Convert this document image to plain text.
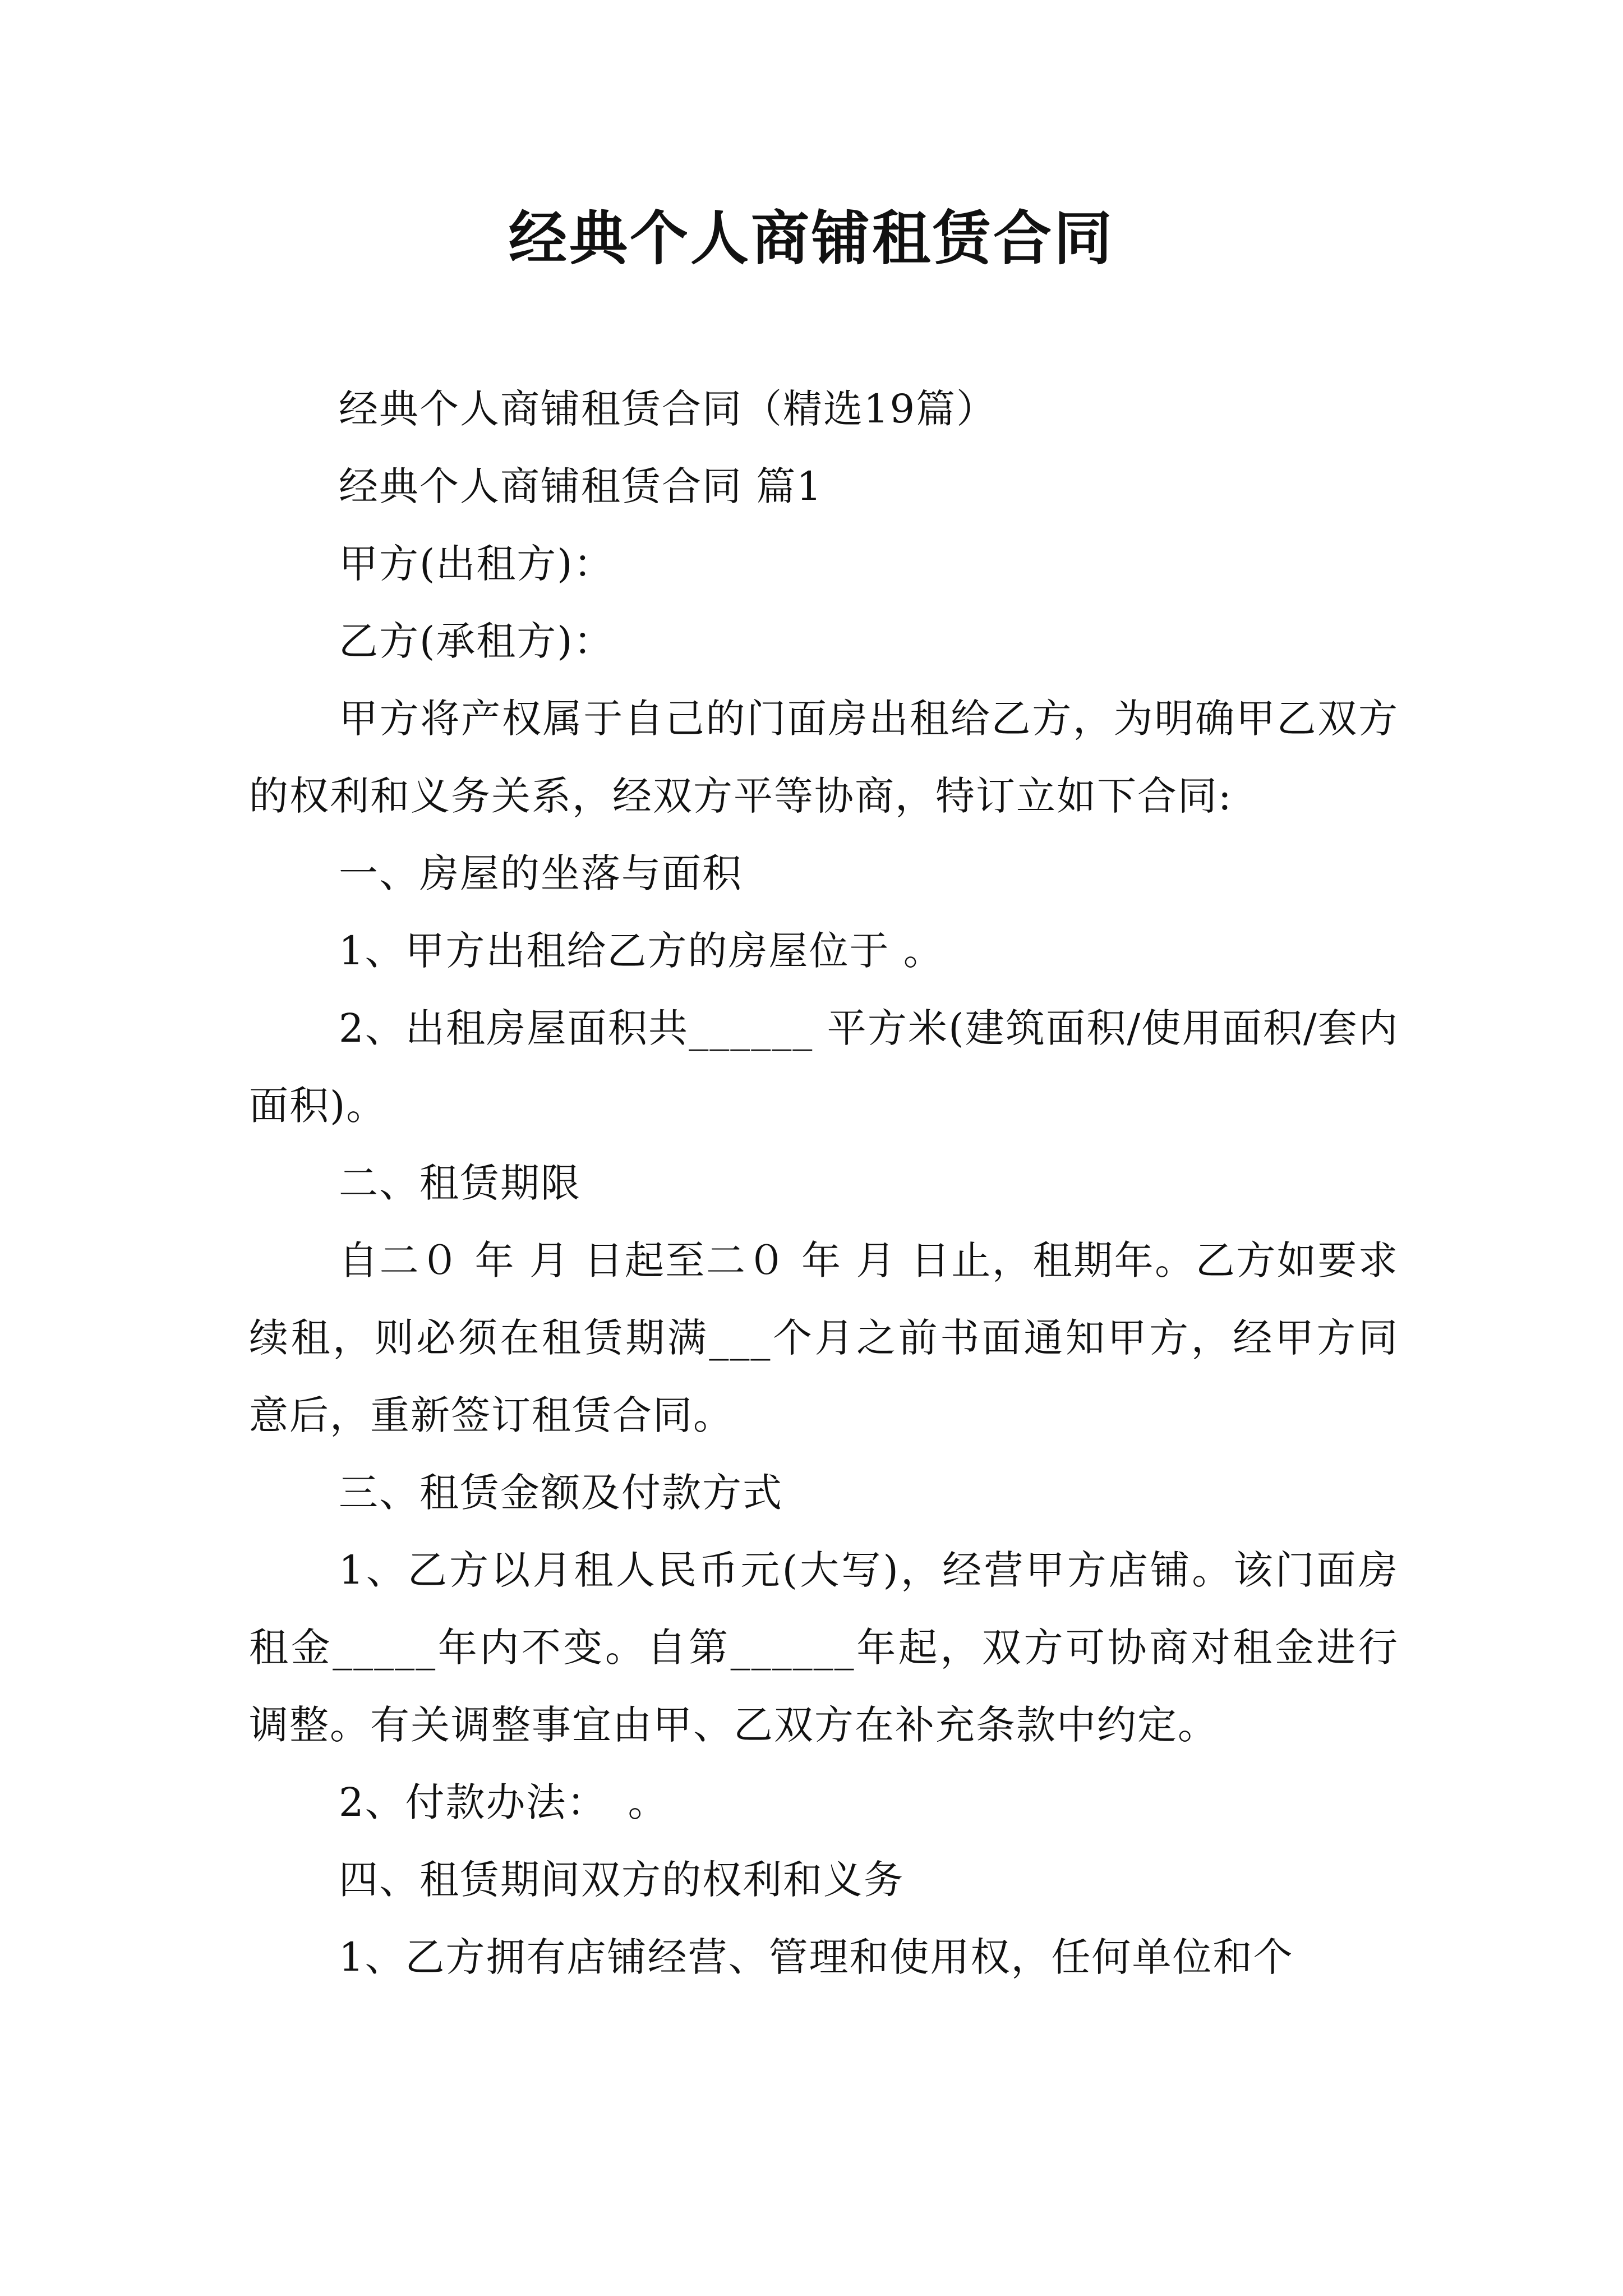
经典个人商铺租赁合同

经典个人商铺租赁合同（精选19篇）

经典个人商铺租赁合同 篇1

甲方(出租方)：

乙方(承租方)：

甲方将产权属于自己的门面房出租给乙方，为明确甲乙双方的权利和义务关系，经双方平等协商，特订立如下合同:

一、房屋的坐落与面积

1、甲方出租给乙方的房屋位于 。

2、出租房屋面积共______ 平方米(建筑面积/使用面积/套内面积)。

二、租赁期限

自二０ 年 月 日起至二０ 年 月 日止，租期年。乙方如要求续租，则必须在租赁期满___个月之前书面通知甲方，经甲方同意后，重新签订租赁合同。

三、租赁金额及付款方式

1、乙方以月租人民币元(大写)，经营甲方店铺。该门面房租金_____年内不变。自第______年起，双方可协商对租金进行调整。有关调整事宜由甲、乙双方在补充条款中约定。

2、付款办法：　。

四、租赁期间双方的权利和义务

1、乙方拥有店铺经营、管理和使用权，任何单位和个
